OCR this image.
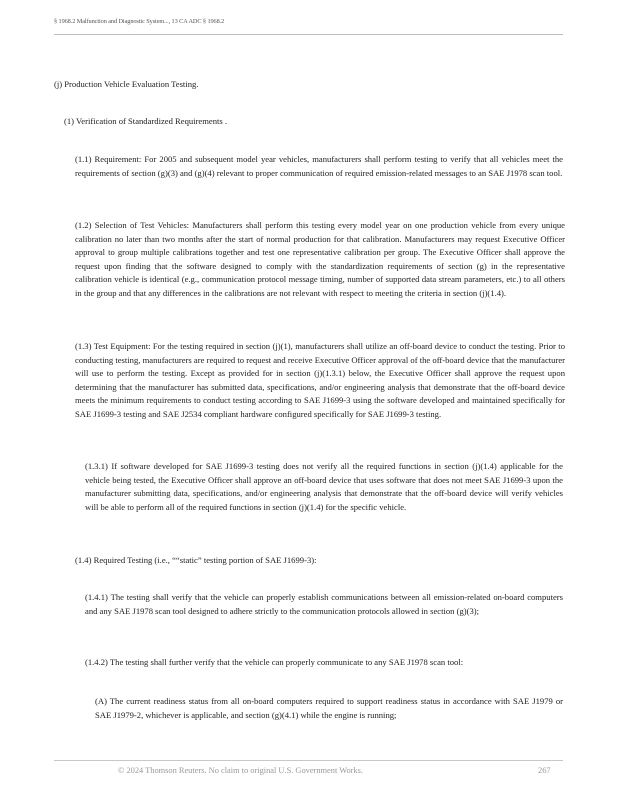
§ 1968.2 Malfunction and Diagnostic System..., 13 CA ADC § 1968.2
(j) Production Vehicle Evaluation Testing.
(1) Verification of Standardized Requirements .
(1.1) Requirement: For 2005 and subsequent model year vehicles, manufacturers shall perform testing to verify that all vehicles meet the requirements of section (g)(3) and (g)(4) relevant to proper communication of required emission-related messages to an SAE J1978 scan tool.
(1.2) Selection of Test Vehicles: Manufacturers shall perform this testing every model year on one production vehicle from every unique calibration no later than two months after the start of normal production for that calibration. Manufacturers may request Executive Officer approval to group multiple calibrations together and test one representative calibration per group. The Executive Officer shall approve the request upon finding that the software designed to comply with the standardization requirements of section (g) in the representative calibration vehicle is identical (e.g., communication protocol message timing, number of supported data stream parameters, etc.) to all others in the group and that any differences in the calibrations are not relevant with respect to meeting the criteria in section (j)(1.4).
(1.3) Test Equipment: For the testing required in section (j)(1), manufacturers shall utilize an off-board device to conduct the testing. Prior to conducting testing, manufacturers are required to request and receive Executive Officer approval of the off-board device that the manufacturer will use to perform the testing. Except as provided for in section (j)(1.3.1) below, the Executive Officer shall approve the request upon determining that the manufacturer has submitted data, specifications, and/or engineering analysis that demonstrate that the off-board device meets the minimum requirements to conduct testing according to SAE J1699-3 using the software developed and maintained specifically for SAE J1699-3 testing and SAE J2534 compliant hardware configured specifically for SAE J1699-3 testing.
(1.3.1) If software developed for SAE J1699-3 testing does not verify all the required functions in section (j)(1.4) applicable for the vehicle being tested, the Executive Officer shall approve an off-board device that uses software that does not meet SAE J1699-3 upon the manufacturer submitting data, specifications, and/or engineering analysis that demonstrate that the off-board device will verify vehicles will be able to perform all of the required functions in section (j)(1.4) for the specific vehicle.
(1.4) Required Testing (i.e., ““static” testing portion of SAE J1699-3):
(1.4.1) The testing shall verify that the vehicle can properly establish communications between all emission-related on-board computers and any SAE J1978 scan tool designed to adhere strictly to the communication protocols allowed in section (g)(3);
(1.4.2) The testing shall further verify that the vehicle can properly communicate to any SAE J1978 scan tool:
(A) The current readiness status from all on-board computers required to support readiness status in accordance with SAE J1979 or SAE J1979-2, whichever is applicable, and section (g)(4.1) while the engine is running;
© 2024 Thomson Reuters. No claim to original U.S. Government Works.	267
